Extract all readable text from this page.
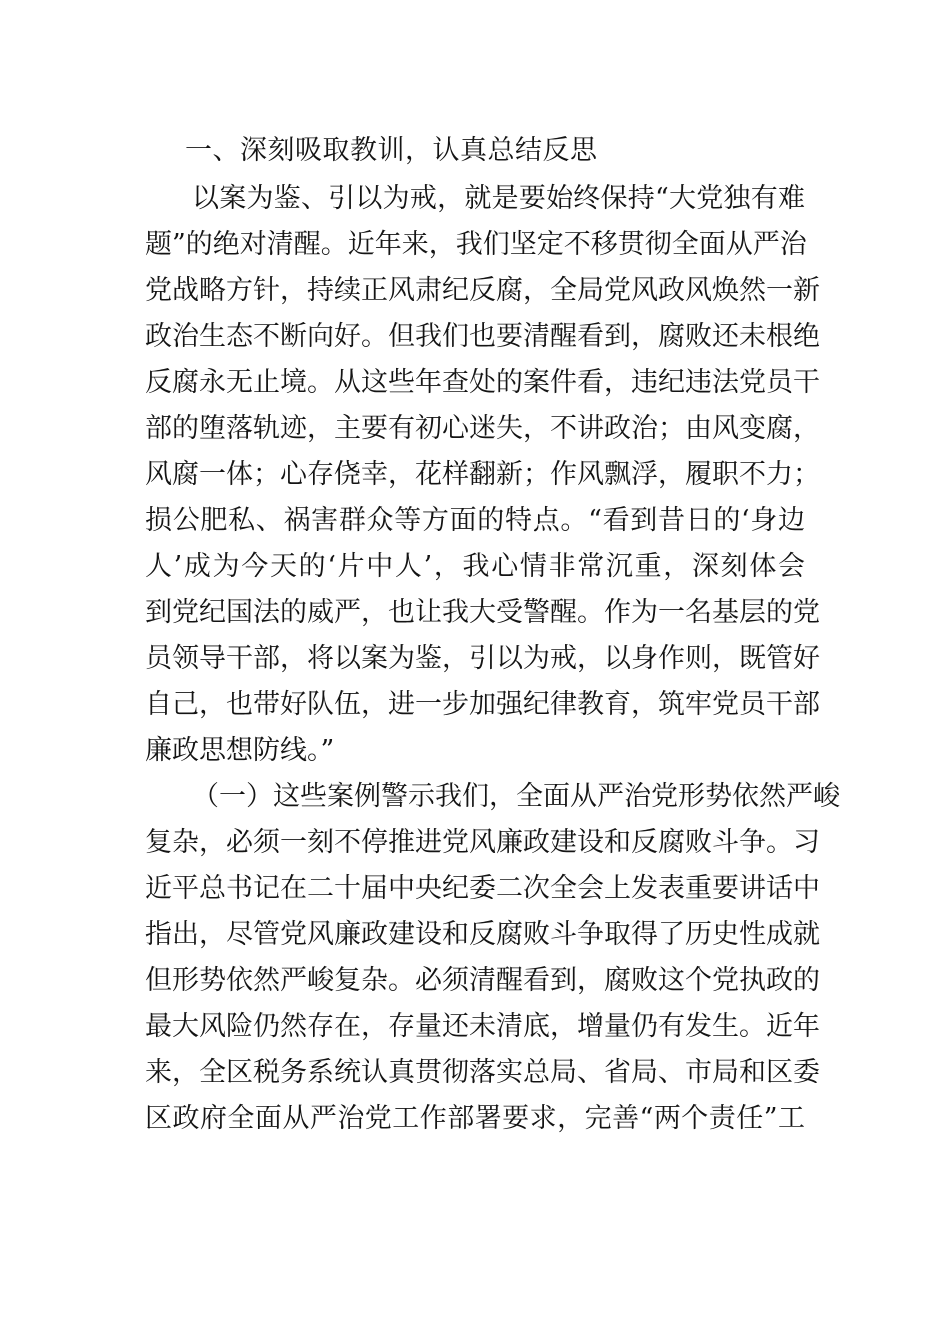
一、深刻吸取教训，认真总结反思
以案为鉴、引以为戒，就是要始终保持“大党独有难
题”的绝对清醒。近年来，我们坚定不移贯彻全面从严治
党战略方针，持续正风肃纪反腐，全局党风政风焕然一新
政治生态不断向好。但我们也要清醒看到，腐败还未根绝
反腐永无止境。从这些年查处的案件看，违纪违法党员干
部的堕落轨迹，主要有初心迷失，不讲政治；由风变腐，
风腐一体；心存侥幸，花样翻新；作风飘浮，履职不力；
损公肥私、祸害群众等方面的特点。“看到昔日的‘身边
人’成为今天的‘片中人’，我心情非常沉重，深刻体会
到党纪国法的威严，也让我大受警醒。作为一名基层的党
员领导干部，将以案为鉴，引以为戒，以身作则，既管好
自己，也带好队伍，进一步加强纪律教育，筑牢党员干部
廉政思想防线。”
（一）这些案例警示我们，全面从严治党形势依然严峻
复杂，必须一刻不停推进党风廉政建设和反腐败斗争。习
近平总书记在二十届中央纪委二次全会上发表重要讲话中
指出，尽管党风廉政建设和反腐败斗争取得了历史性成就
但形势依然严峻复杂。必须清醒看到，腐败这个党执政的
最大风险仍然存在，存量还未清底，增量仍有发生。近年
来，全区税务系统认真贯彻落实总局、省局、市局和区委
区政府全面从严治党工作部署要求，完善“两个责任”工
